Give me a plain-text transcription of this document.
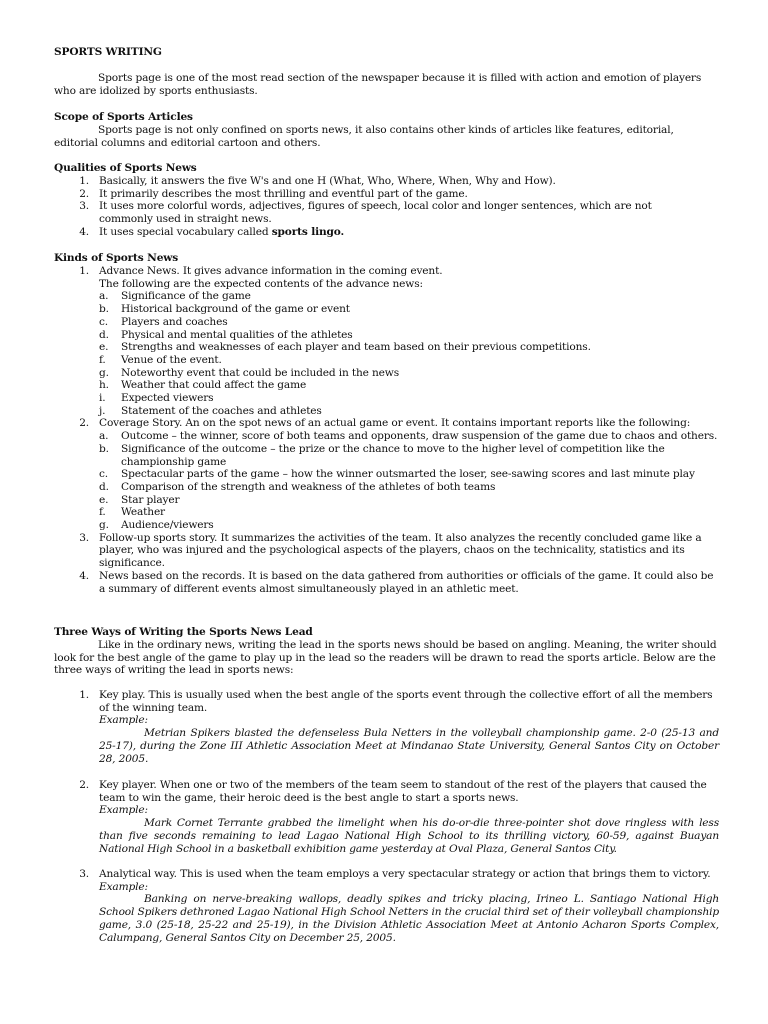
SPORTS WRITING
Sports page is one of the most read section of the newspaper because it is filled with action and emotion of players who are idolized by sports enthusiasts.
Scope of Sports Articles
Sports page is not only confined on sports news, it also contains other kinds of articles like features, editorial, editorial columns and editorial cartoon and others.
Qualities of Sports News
1. Basically, it answers the five W's and one H (What, Who, Where, When, Why and How).
2. It primarily describes the most thrilling and eventful part of the game.
3. It uses more colorful words, adjectives, figures of speech, local color and longer sentences, which are not commonly used in straight news.
4. It uses special vocabulary called sports lingo.
Kinds of Sports News
1. Advance News. It gives advance information in the coming event.
The following are the expected contents of the advance news:
a.	Significance of the game
b.	Historical background of the game or event
c.	Players and coaches
d.	Physical and mental qualities of the athletes
e.	Strengths and weaknesses of each player and team based on their previous competitions.
f.	Venue of the event.
g.	Noteworthy event that could be included in the news
h.	Weather that could affect the game
i.	Expected viewers
j.	Statement of the coaches and athletes
2. Coverage Story. An on the spot news of an actual game or event. It contains important reports like the following:
a.	Outcome – the winner, score of both teams and opponents, draw suspension of the game due to chaos and others.
b.	Significance of the outcome – the prize or the chance to move to the higher level of competition like the championship game
c.	Spectacular parts of the game – how the winner outsmarted the loser, see-sawing scores and last minute play
d.	Comparison of the strength and weakness of the athletes of both teams
e.	Star player
f.	Weather
g.	Audience/viewers
3. Follow-up sports story. It summarizes the activities of the team. It also analyzes the recently concluded game like a player, who was injured and the psychological aspects of the players, chaos on the technicality, statistics and its significance.
4. News based on the records. It is based on the data gathered from authorities or officials of the game. It could also be a summary of different events almost simultaneously played in an athletic meet.
Three Ways of Writing the Sports News Lead
Like in the ordinary news, writing the lead in the sports news should be based on angling. Meaning, the writer should look for the best angle of the game to play up in the lead so the readers will be drawn to read the sports article. Below are the three ways of writing the lead in sports news:
1. Key play. This is usually used when the best angle of the sports event through the collective effort of all the members of the winning team.
Example:
Metrian Spikers blasted the defenseless Bula Netters in the volleyball championship game. 2-0 (25-13 and 25-17), during the Zone III Athletic Association Meet at Mindanao State University, General Santos City on October 28, 2005.
2. Key player. When one or two of the members of the team seem to standout of the rest of the players that caused the team to win the game, their heroic deed is the best angle to start a sports news.
Example:
Mark Cornet Terrante grabbed the limelight when his do-or-die three-pointer shot dove ringless with less than five seconds remaining to lead Lagao National High School to its thrilling victory, 60-59, against Buayan National High School in a basketball exhibition game yesterday at Oval Plaza, General Santos City.
3. Analytical way. This is used when the team employs a very spectacular strategy or action that brings them to victory.
Example:
Banking on nerve-breaking wallops, deadly spikes and tricky placing, Irineo L. Santiago National High School Spikers dethroned Lagao National High School Netters in the crucial third set of their volleyball championship game, 3.0 (25-18, 25-22 and 25-19), in the Division Athletic Association Meet at Antonio Acharon Sports Complex, Calumpang, General Santos City on December 25, 2005.
